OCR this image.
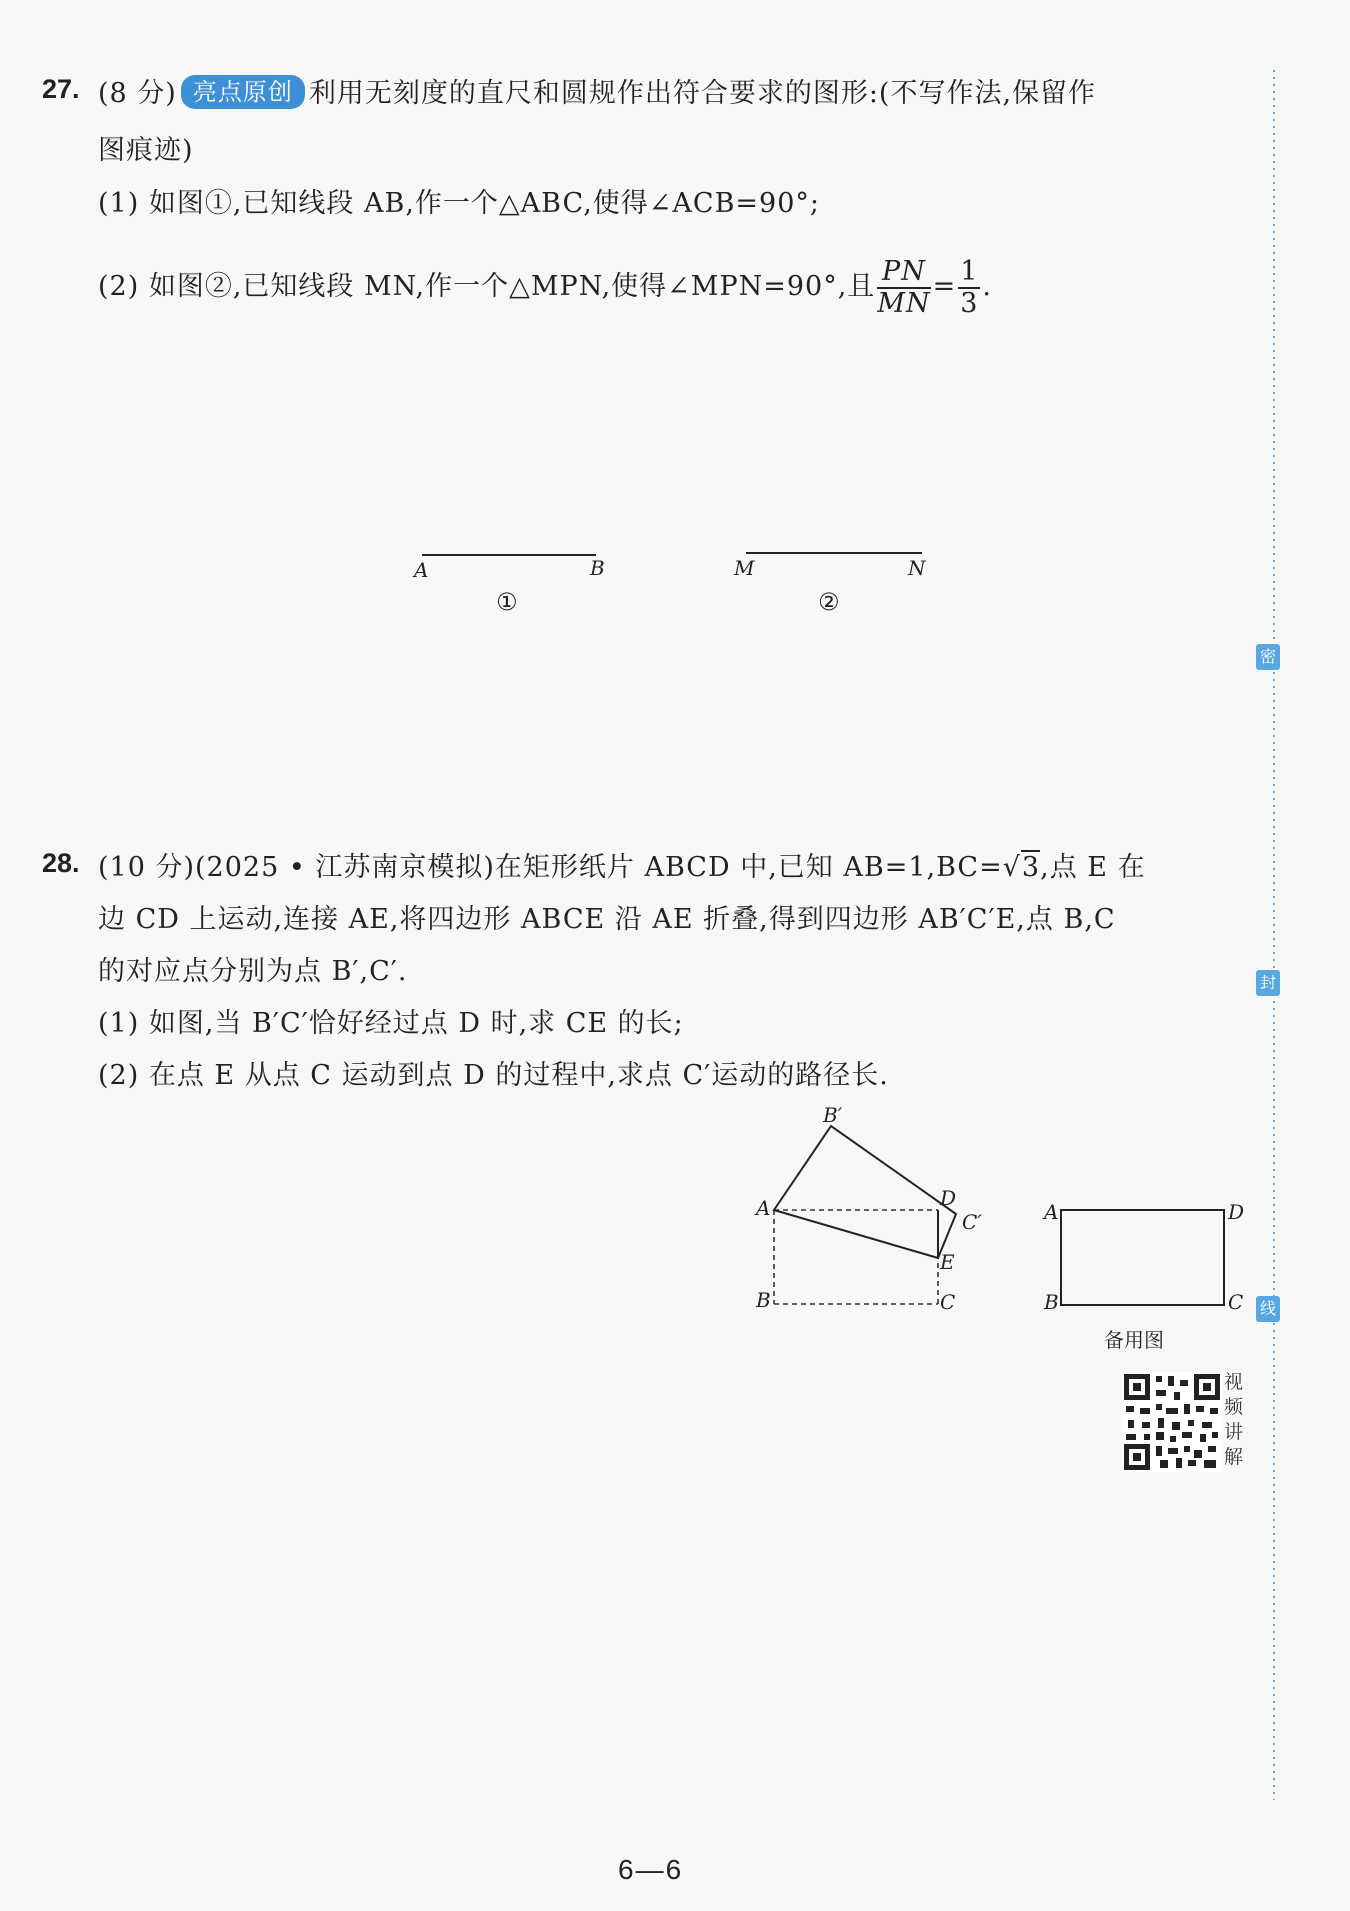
27. (8 分) 亮点原创 利用无刻度的直尺和圆规作出符合要求的图形:(不写作法,保留作
图痕迹)
(1) 如图①,已知线段 AB,作一个△ABC,使得∠ACB=90°;
(2) 如图②,已知线段 MN,作一个△MPN,使得∠MPN=90°,且 $\frac{PN}{MN} = \frac{1}{3}$ .
A	B
①
M	N
②
28. (10 分)(2025 • 江苏南京模拟)在矩形纸片 ABCD 中,已知 AB=1,BC=√3,点 E 在
边 CD 上运动,连接 AE,将四边形 ABCE 沿 AE 折叠,得到四边形 AB′C′E,点 B,C
的对应点分别为点 B′,C′.
(1) 如图,当 B′C′恰好经过点 D 时,求 CE 的长;
(2) 在点 E 从点 C 运动到点 D 的过程中,求点 C′运动的路径长.
B′
A	D
C′
E
B	C
A	D
B	C
备用图
视
频
讲
解
密
封
线
6—6
